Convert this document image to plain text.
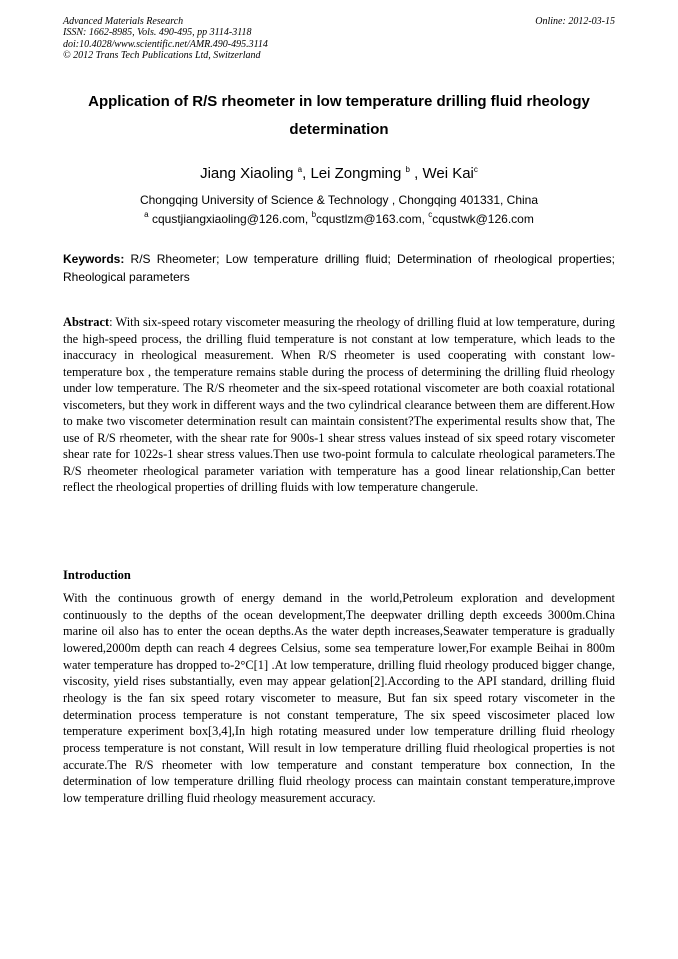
Advanced Materials Research
ISSN: 1662-8985, Vols. 490-495, pp 3114-3118
doi:10.4028/www.scientific.net/AMR.490-495.3114
© 2012 Trans Tech Publications Ltd, Switzerland
Online: 2012-03-15
Application of R/S rheometer in low temperature drilling fluid rheology determination
Jiang Xiaoling $^a$, Lei Zongming $^b$ , Wei Kai$^c$
Chongqing University of Science & Technology , Chongqing 401331, China
$^a$ cqustjiangxiaoling@126.com, $^b$cqustlzm@163.com, $^c$cqustwk@126.com
Keywords: R/S Rheometer; Low temperature drilling fluid; Determination of rheological properties; Rheological parameters
Abstract: With six-speed rotary viscometer measuring the rheology of drilling fluid at low temperature, during the high-speed process, the drilling fluid temperature is not constant at low temperature, which leads to the inaccuracy in rheological measurement. When R/S rheometer is used cooperating with constant low-temperature box , the temperature remains stable during the process of determining the drilling fluid rheology under low temperature. The R/S rheometer and the six-speed rotational viscometer are both coaxial rotational viscometers, but they work in different ways and the two cylindrical clearance between them are different.How to make two viscometer determination result can maintain consistent?The experimental results show that, The use of R/S rheometer, with the shear rate for 900s-1 shear stress values instead of six speed rotary viscometer shear rate for 1022s-1 shear stress values.Then use two-point formula to calculate rheological parameters.The R/S rheometer rheological parameter variation with temperature has a good linear relationship,Can better reflect the rheological properties of drilling fluids with low temperature changerule.
Introduction
With the continuous growth of energy demand in the world,Petroleum exploration and development continuously to the depths of the ocean development,The deepwater drilling depth exceeds 3000m.China marine oil also has to enter the ocean depths.As the water depth increases,Seawater temperature is gradually lowered,2000m depth can reach 4 degrees Celsius, some sea temperature lower,For example Beihai in 800m water temperature has dropped to-2°C[1] .At low temperature, drilling fluid rheology produced bigger change, viscosity, yield rises substantially, even may appear gelation[2].According to the API standard, drilling fluid rheology is the fan six speed rotary viscometer to measure, But fan six speed rotary viscometer in the determination process temperature is not constant temperature, The six speed viscosimeter placed low temperature experiment box[3,4],In high rotating measured under low temperature drilling fluid rheology process temperature is not constant, Will result in low temperature drilling fluid rheological properties is not accurate.The R/S rheometer with low temperature and constant temperature box connection, In the determination of low temperature drilling fluid rheology process can maintain constant temperature,improve low temperature drilling fluid rheology measurement accuracy.
